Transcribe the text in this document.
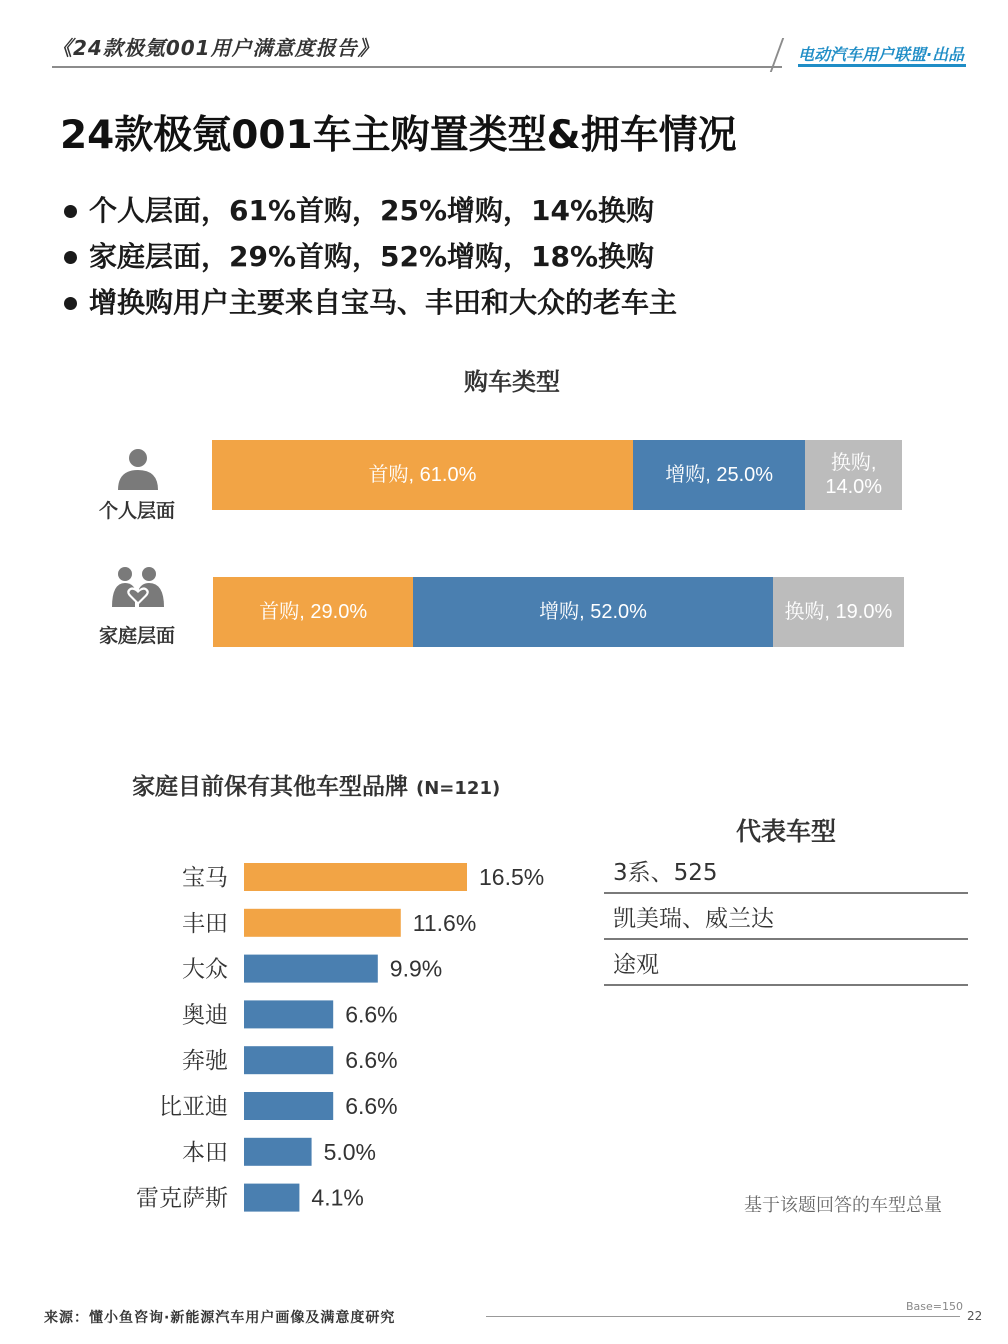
《24款极氪001用户满意度报告》	电动汽车用户联盟·出品
24款极氪001车主购置类型&拥车情况
个人层面，61%首购，25%增购，14%换购
家庭层面，29%首购，52%增购，18%换购
增换购用户主要来自宝马、丰田和大众的老车主
购车类型
个人层面
首购, 61.0%	增购, 25.0%
换购,
14.0%
家庭层面
首购, 29.0%	增购, 52.0%	换购, 19.0%
家庭目前保有其他车型品牌 (N=121)
宝马	16.5%
丰田	11.6%
大众	9.9%
奥迪	6.6%
奔驰	6.6%
比亚迪	6.6%
本田	5.0%
雷克萨斯	4.1%
代表车型
3系、525
凯美瑞、威兰达
途观
基于该题回答的车型总量
来源：懂小鱼咨询·新能源汽车用户画像及满意度研究
Base=150
22
